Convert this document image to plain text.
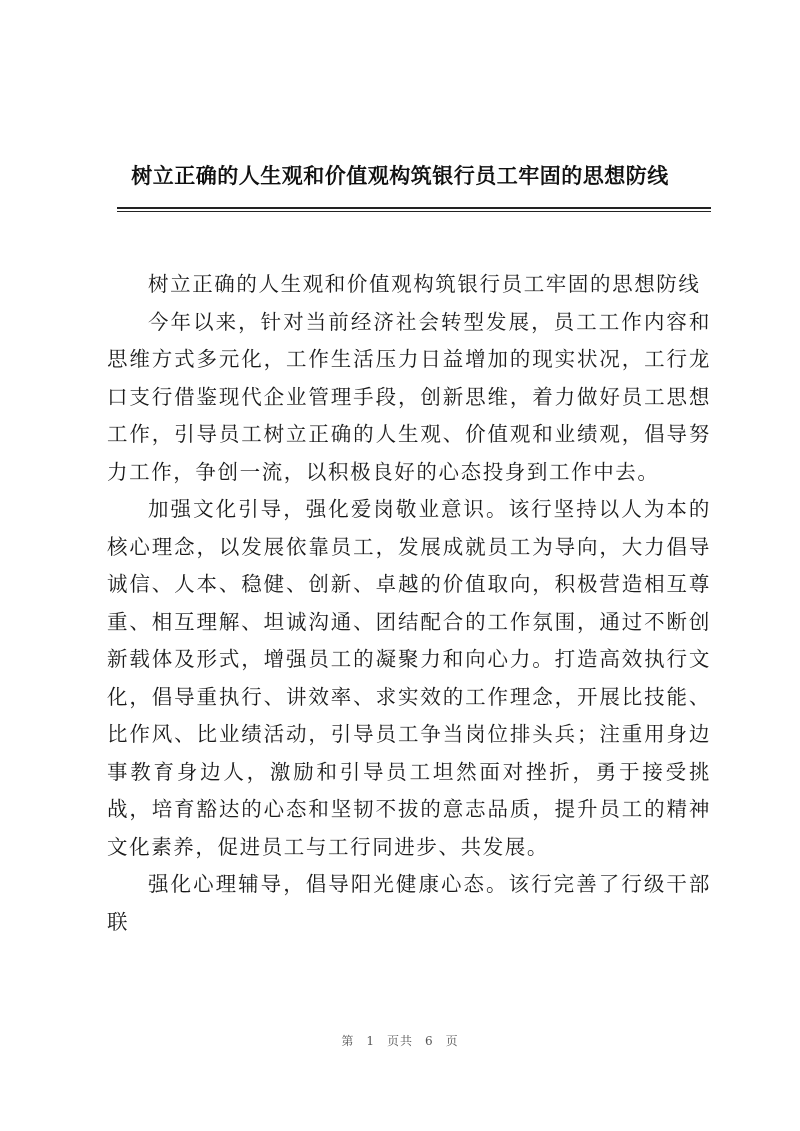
树立正确的人生观和价值观构筑银行员工牢固的思想防线

树立正确的人生观和价值观构筑银行员工牢固的思想防线

今年以来，针对当前经济社会转型发展，员工工作内容和思维方式多元化，工作生活压力日益增加的现实状况，工行龙口支行借鉴现代企业管理手段，创新思维，着力做好员工思想工作，引导员工树立正确的人生观、价值观和业绩观，倡导努力工作，争创一流，以积极良好的心态投身到工作中去。

加强文化引导，强化爱岗敬业意识。该行坚持以人为本的核心理念，以发展依靠员工，发展成就员工为导向，大力倡导诚信、人本、稳健、创新、卓越的价值取向，积极营造相互尊重、相互理解、坦诚沟通、团结配合的工作氛围，通过不断创新载体及形式，增强员工的凝聚力和向心力。打造高效执行文化，倡导重执行、讲效率、求实效的工作理念，开展比技能、比作风、比业绩活动，引导员工争当岗位排头兵；注重用身边事教育身边人，激励和引导员工坦然面对挫折，勇于接受挑战，培育豁达的心态和坚韧不拔的意志品质，提升员工的精神文化素养，促进员工与工行同进步、共发展。

强化心理辅导，倡导阳光健康心态。该行完善了行级干部联

第 1 页共 6 页
